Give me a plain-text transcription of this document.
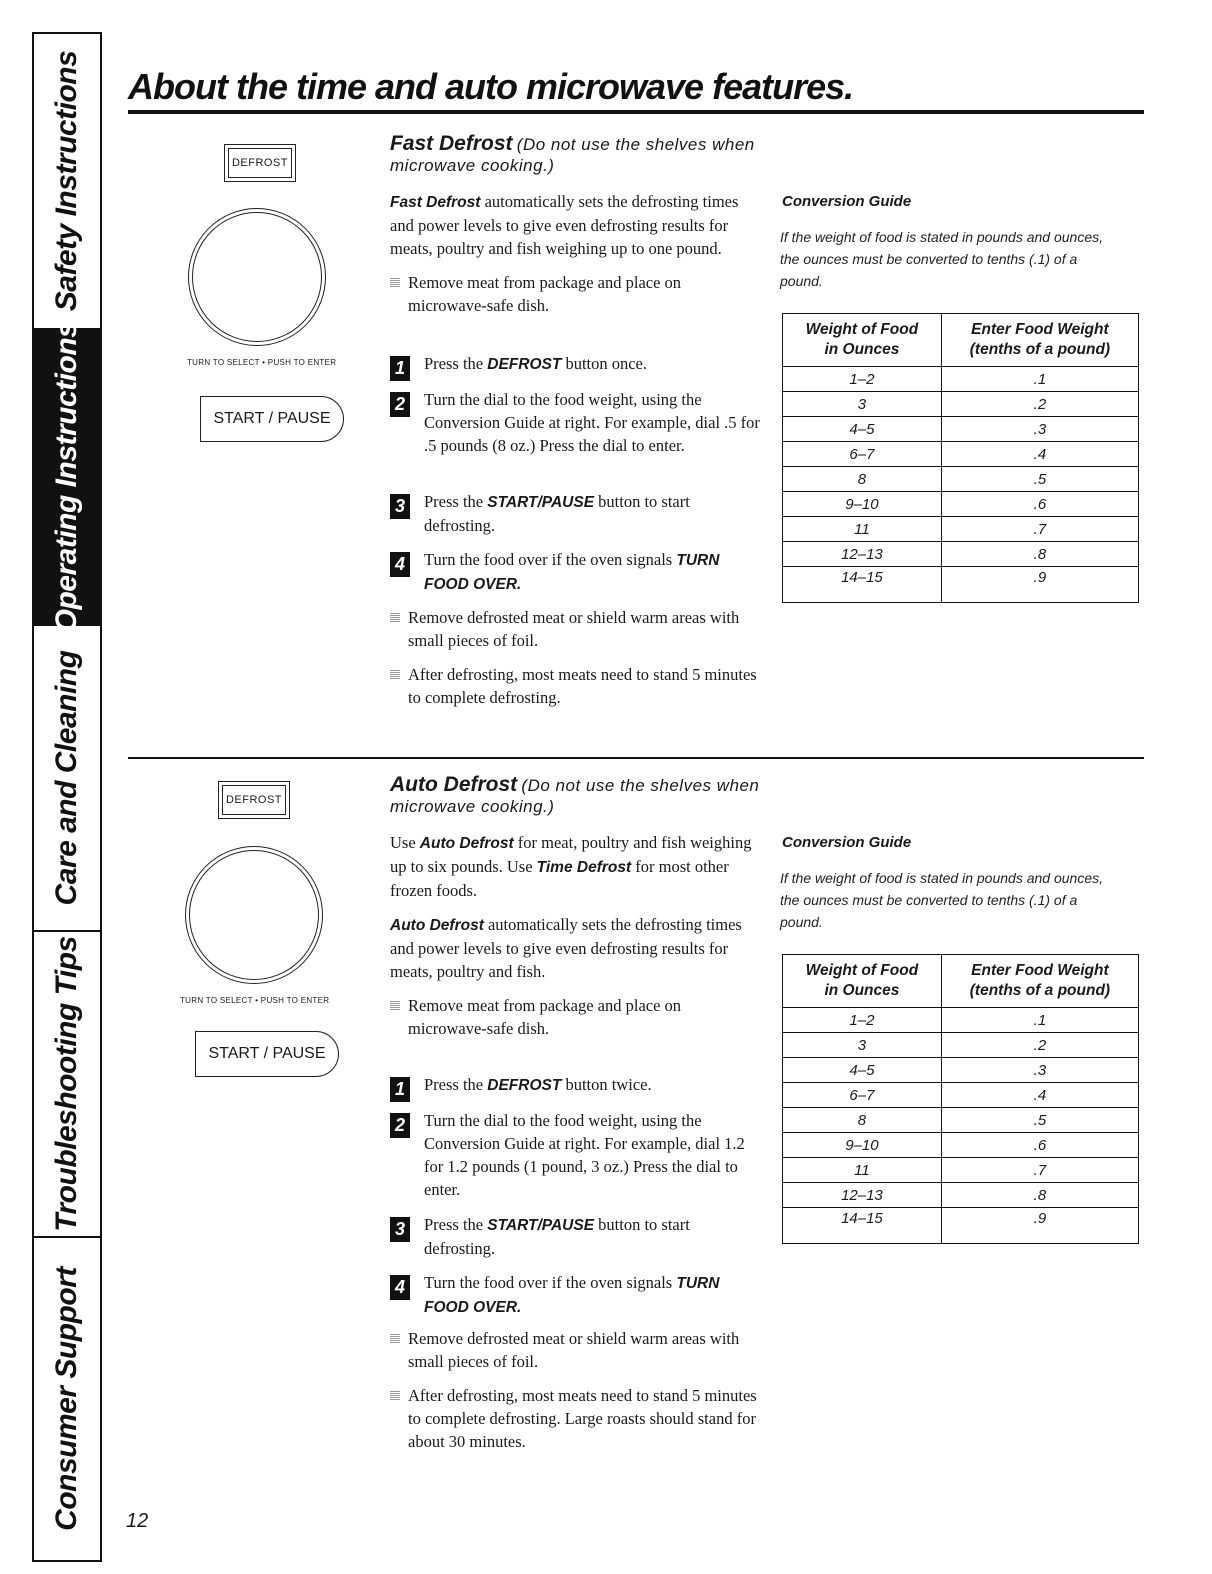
Safety Instructions
Operating Instructions
Care and Cleaning
Troubleshooting Tips
Consumer Support
About the time and auto microwave features.
DEFROST
TURN TO SELECT • PUSH TO ENTER
START / PAUSE
Fast Defrost (Do not use the shelves when microwave cooking.)

Fast Defrost automatically sets the defrosting times and power levels to give even defrosting results for meats, poultry and fish weighing up to one pound.

Remove meat from package and place on microwave-safe dish.

1	Press the DEFROST button once.
2	Turn the dial to the food weight, using the Conversion Guide at right. For example, dial .5 for .5 pounds (8 oz.) Press the dial to enter.
3	Press the START/PAUSE button to start defrosting.
4	Turn the food over if the oven signals TURN FOOD OVER.

Remove defrosted meat or shield warm areas with small pieces of foil.

After defrosting, most meats need to stand 5 minutes to complete defrosting.

Conversion Guide
If the weight of food is stated in pounds and ounces, the ounces must be converted to tenths (.1) of a pound.
Weight of Food
in Ounces	Enter Food Weight
(tenths of a pound)
1–2	.1
3	.2
4–5	.3
6–7	.4
8	.5
9–10	.6
11	.7
12–13	.8
14–15	.9
DEFROST
TURN TO SELECT • PUSH TO ENTER
START / PAUSE
Auto Defrost (Do not use the shelves when microwave cooking.)

Use Auto Defrost for meat, poultry and fish weighing up to six pounds. Use Time Defrost for most other frozen foods.

Auto Defrost automatically sets the defrosting times and power levels to give even defrosting results for meats, poultry and fish.

Remove meat from package and place on microwave-safe dish.

1	Press the DEFROST button twice.
2	Turn the dial to the food weight, using the Conversion Guide at right. For example, dial 1.2 for 1.2 pounds (1 pound, 3 oz.) Press the dial to enter.
3	Press the START/PAUSE button to start defrosting.
4	Turn the food over if the oven signals TURN FOOD OVER.

Remove defrosted meat or shield warm areas with small pieces of foil.

After defrosting, most meats need to stand 5 minutes to complete defrosting. Large roasts should stand for about 30 minutes.

Conversion Guide
If the weight of food is stated in pounds and ounces, the ounces must be converted to tenths (.1) of a pound.
Weight of Food
in Ounces	Enter Food Weight
(tenths of a pound)
1–2	.1
3	.2
4–5	.3
6–7	.4
8	.5
9–10	.6
11	.7
12–13	.8
14–15	.9
12
